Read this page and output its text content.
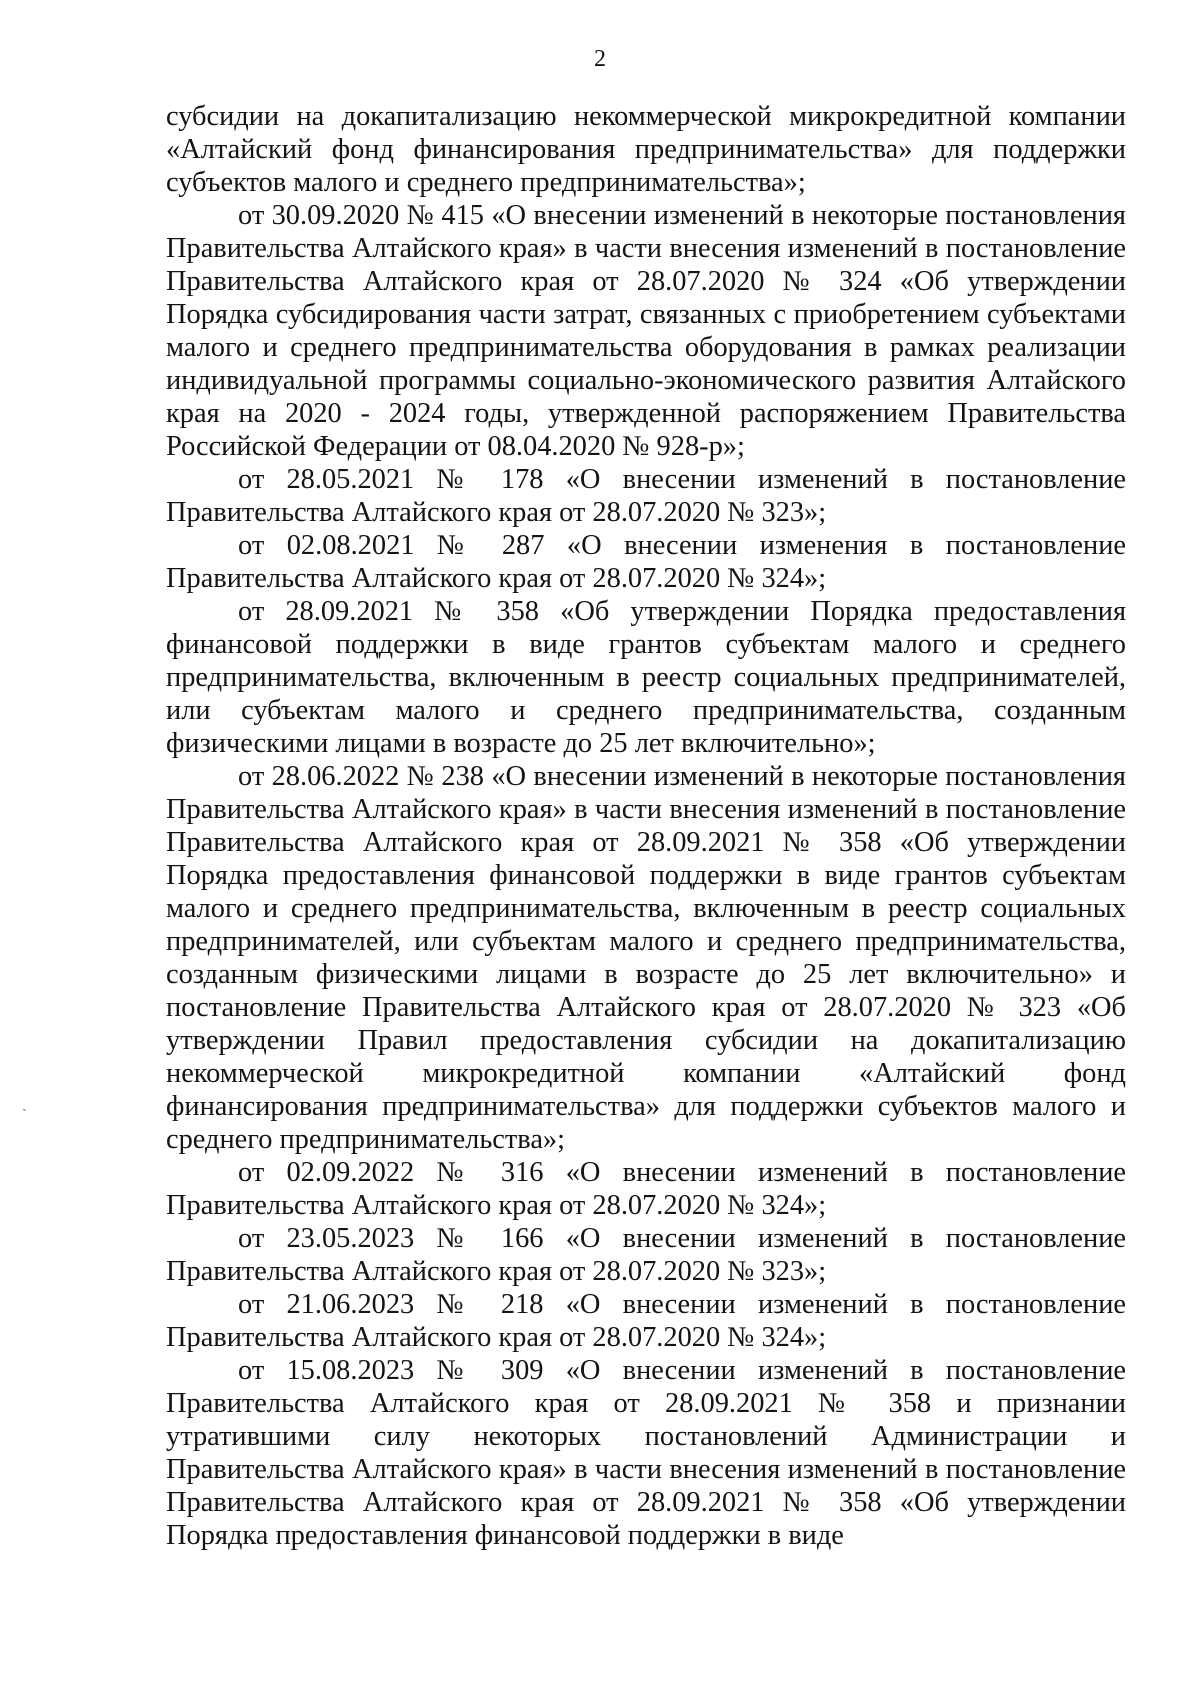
2

субсидии на докапитализацию некоммерческой микрокредитной компании «Алтайский фонд финансирования предпринимательства» для поддержки субъектов малого и среднего предпринимательства»;

от 30.09.2020 № 415 «О внесении изменений в некоторые постановления Правительства Алтайского края» в части внесения изменений в постановление Правительства Алтайского края от 28.07.2020 № 324 «Об утверждении Порядка субсидирования части затрат, связанных с приобретением субъектами малого и среднего предпринимательства оборудования в рамках реализации индивидуальной программы социально-экономического развития Алтайского края на 2020 - 2024 годы, утвержденной распоряжением Правительства Российской Федерации от 08.04.2020 № 928-р»;

от 28.05.2021 № 178 «О внесении изменений в постановление Правительства Алтайского края от 28.07.2020 № 323»;

от 02.08.2021 № 287 «О внесении изменения в постановление Правительства Алтайского края от 28.07.2020 № 324»;

от 28.09.2021 № 358 «Об утверждении Порядка предоставления финансовой поддержки в виде грантов субъектам малого и среднего предпринимательства, включенным в реестр социальных предпринимателей, или субъектам малого и среднего предпринимательства, созданным физическими лицами в возрасте до 25 лет включительно»;

от 28.06.2022 № 238 «О внесении изменений в некоторые постановления Правительства Алтайского края» в части внесения изменений в постановление Правительства Алтайского края от 28.09.2021 № 358 «Об утверждении Порядка предоставления финансовой поддержки в виде грантов субъектам малого и среднего предпринимательства, включенным в реестр социальных предпринимателей, или субъектам малого и среднего предпринимательства, созданным физическими лицами в возрасте до 25 лет включительно» и постановление Правительства Алтайского края от 28.07.2020 № 323 «Об утверждении Правил предоставления субсидии на докапитализацию некоммерческой микрокредитной компании «Алтайский фонд финансирования предпринимательства» для поддержки субъектов малого и среднего предпринимательства»;

от 02.09.2022 № 316 «О внесении изменений в постановление Правительства Алтайского края от 28.07.2020 № 324»;

от 23.05.2023 № 166 «О внесении изменений в постановление Правительства Алтайского края от 28.07.2020 № 323»;

от 21.06.2023 № 218 «О внесении изменений в постановление Правительства Алтайского края от 28.07.2020 № 324»;

от 15.08.2023 № 309 «О внесении изменений в постановление Правительства Алтайского края от 28.09.2021 № 358 и признании утратившими силу некоторых постановлений Администрации и Правительства Алтайского края» в части внесения изменений в постановление Правительства Алтайского края от 28.09.2021 № 358 «Об утверждении Порядка предоставления финансовой поддержки в виде

ˎ
